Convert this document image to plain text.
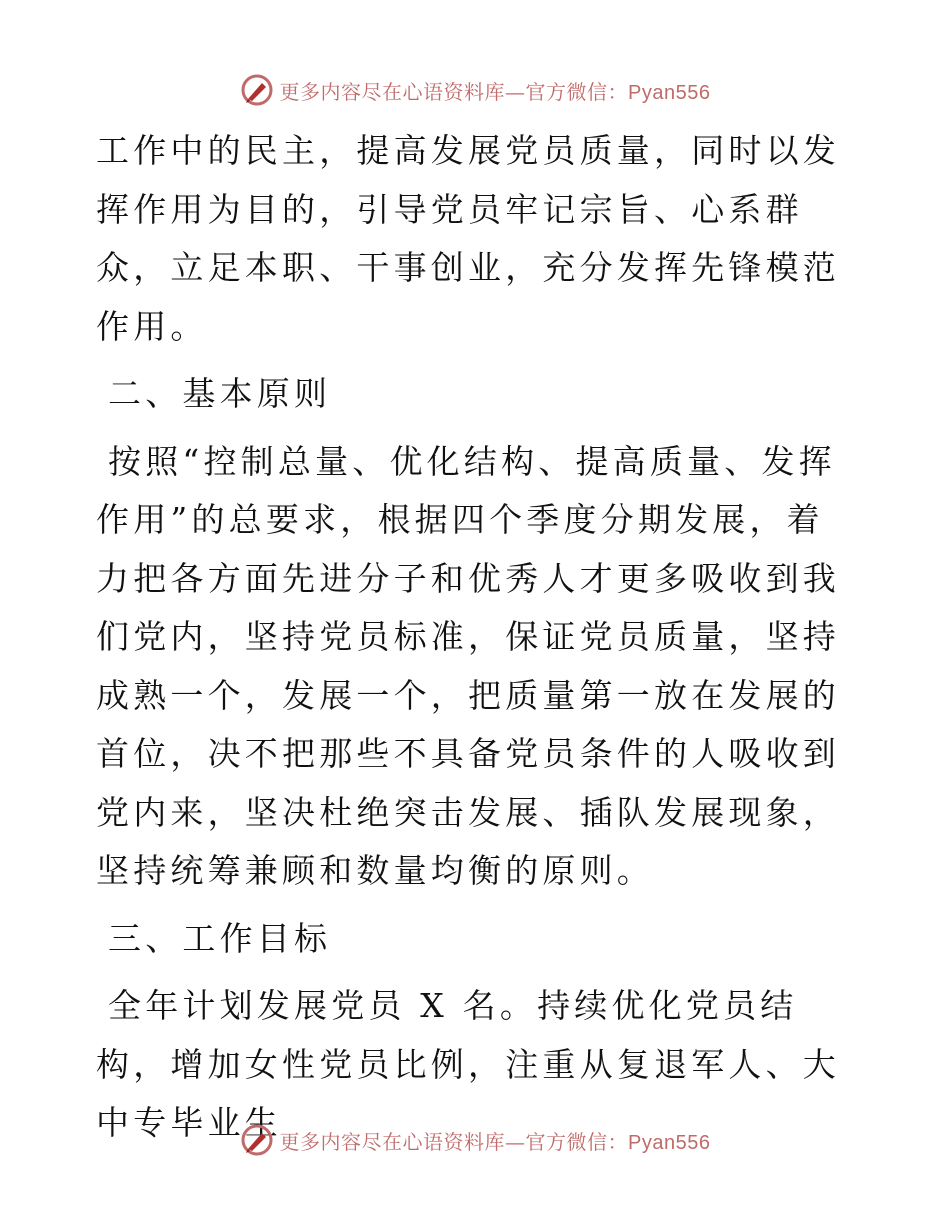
更多内容尽在心语资料库—官方微信：Pyan556

工作中的民主，提高发展党员质量，同时以发挥作用为目的，引导党员牢记宗旨、心系群众，立足本职、干事创业，充分发挥先锋模范作用。

二、基本原则

按照“控制总量、优化结构、提高质量、发挥作用”的总要求，根据四个季度分期发展，着力把各方面先进分子和优秀人才更多吸收到我们党内，坚持党员标准，保证党员质量，坚持成熟一个，发展一个，把质量第一放在发展的首位，决不把那些不具备党员条件的人吸收到党内来，坚决杜绝突击发展、插队发展现象，坚持统筹兼顾和数量均衡的原则。

三、工作目标

全年计划发展党员 X 名。持续优化党员结构，增加女性党员比例，注重从复退军人、大中专毕业生

更多内容尽在心语资料库—官方微信：Pyan556
